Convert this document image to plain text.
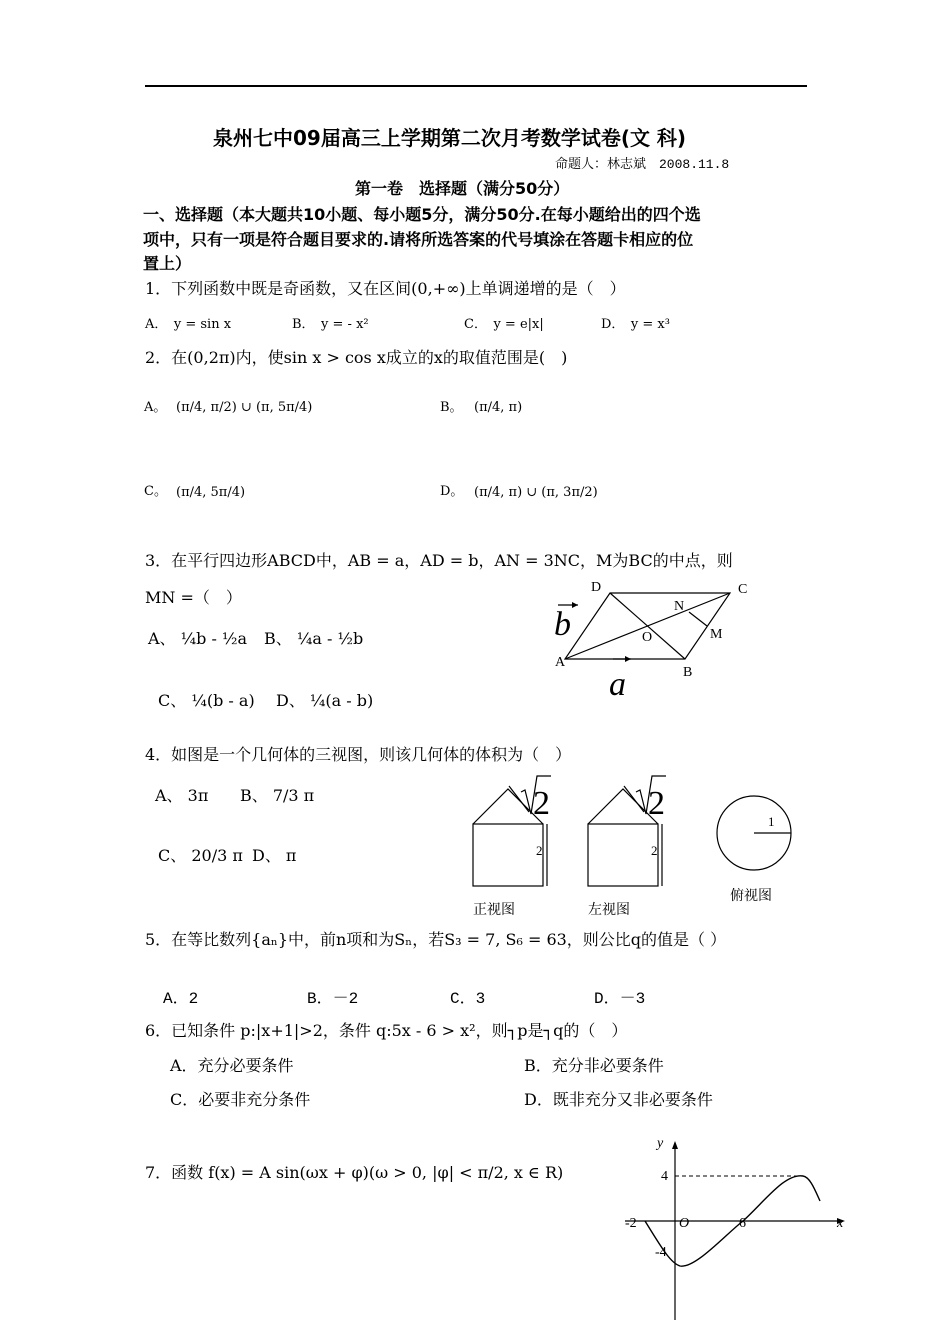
泉州七中09届高三上学期第二次月考数学试卷(文 科)
命题人：林志斌　2008.11.8
第一卷　选择题（满分50分）
一、选择题（本大题共10小题、每小题5分，满分50分.在每小题给出的四个选
项中，只有一项是符合题目要求的.请将所选答案的代号填涂在答题卡相应的位
置上）
1．下列函数中既是奇函数，又在区间(0,+∞)上单调递增的是（　）
A．　y = sin x	B．　y = - x²	C．　y = e|x|	D．　y = x³
2．在(0,2π)内，使sin x > cos x成立的x的取值范围是(　)
A。 (π/4, π/2) ∪ (π, 5π/4)	B。 (π/4, π)
C。 (π/4, 5π/4)	D。 (π/4, π) ∪ (π, 3π/2)
3．在平行四边形ABCD中，AB = a，AD = b，AN = 3NC，M为BC的中点，则
MN =（　）
A、 ¼b - ½a B、 ¼a - ½b
C、 ¼(b - a) D、 ¼(a - b)
D	C
N
O	M
A
B
b
a
4．如图是一个几何体的三视图，则该几何体的体积为（　）
A、 3π B、 7/3 π
C、 20/3 π D、 π
2
2
正视图
2
2
左视图
1
俯视图
5．在等比数列{aₙ}中，前n项和为Sₙ，若S₃ = 7, S₆ = 63，则公比q的值是（ ）
A．2	B．－2	C．3	D．－3
6．已知条件 p:|x+1|>2，条件 q:5x - 6 > x²，则┐p是┐q的（　）
A．充分必要条件	B．充分非必要条件
C．必要非充分条件	D．既非充分又非必要条件
7．函数 f(x) = A sin(ωx + φ)(ω > 0, |φ| < π/2, x ∈ R)
y
x
4
-2	O	6
-4
